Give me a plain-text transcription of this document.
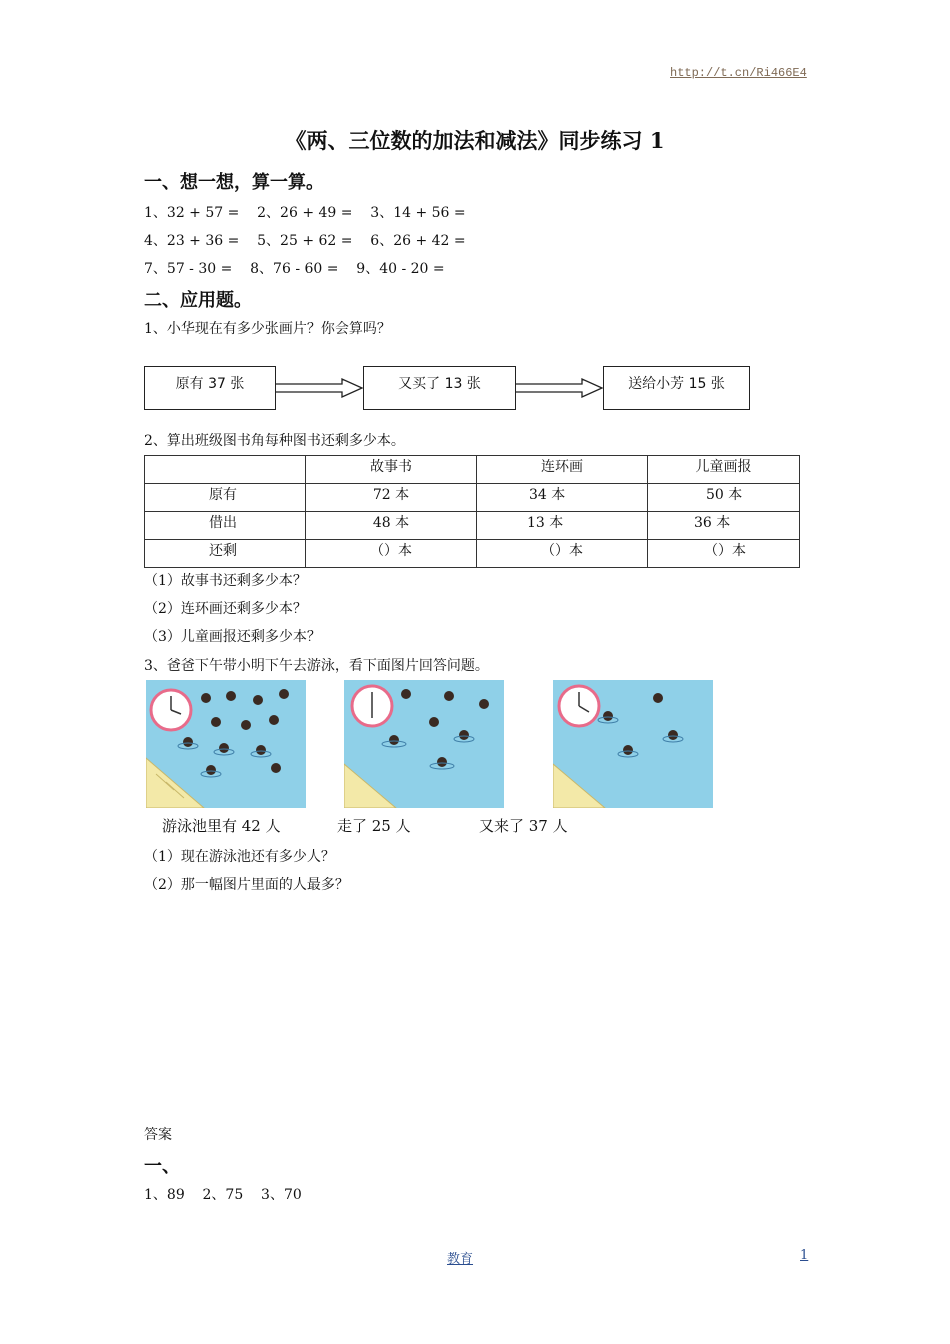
http://t.cn/Ri466E4
《两、三位数的加法和减法》同步练习 1
一、想一想，算一算。
1、32 + 57 =    2、26 + 49 =    3、14 + 56 =
4、23 + 36 =    5、25 + 62 =    6、26 + 42 =
7、57 - 30 =    8、76 - 60 =    9、40 - 20 =
二、应用题。
1、小华现在有多少张画片？你会算吗？
原有 37 张	又买了 13 张	送给小芳 15 张
2、算出班级图书角每种图书还剩多少本。
	故事书	连环画	儿童画报
原有	72 本	34 本	50 本
借出	48 本	13 本	36 本
还剩	（）本	（）本	（）本
（1）故事书还剩多少本？
（2）连环画还剩多少本？
（3）儿童画报还剩多少本？
3、爸爸下午带小明下午去游泳，看下面图片回答问题。
游泳池里有 42 人	走了 25 人	又来了 37 人
（1）现在游泳池还有多少人？
（2）那一幅图片里面的人最多？
答案
一、
1、89    2、75    3、70
教育	1
